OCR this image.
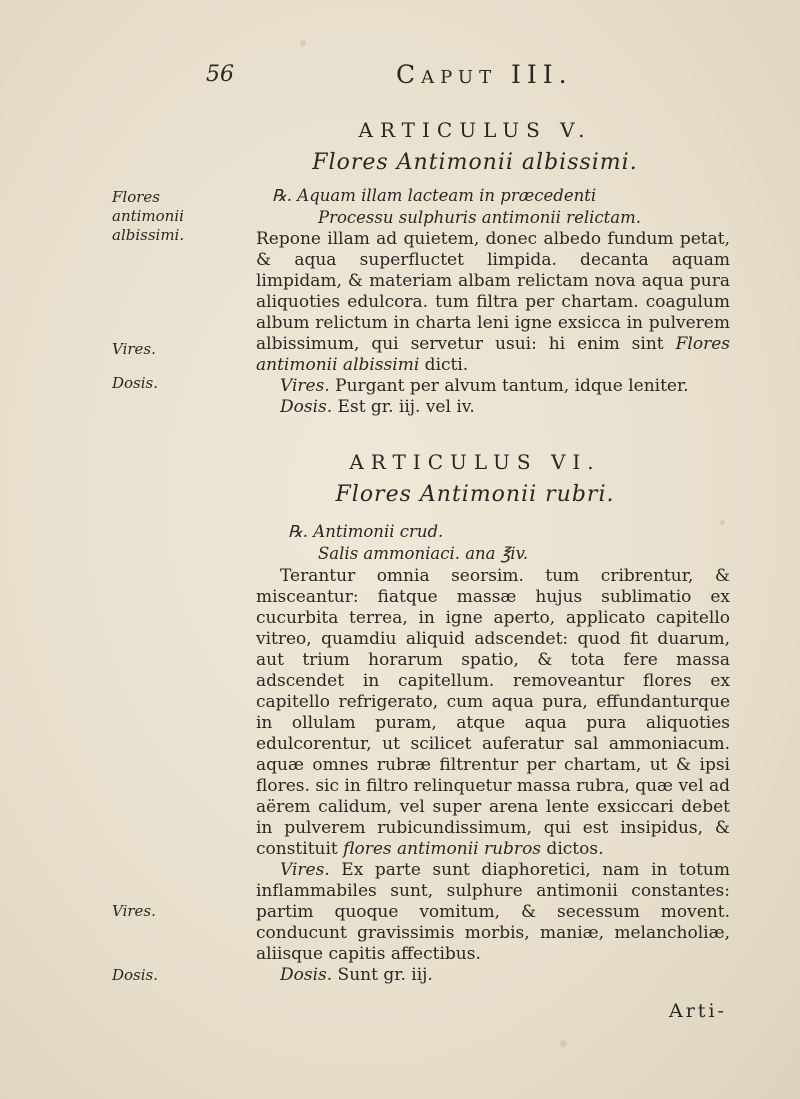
56	Caput III.
ARTICULUS V.
Flores Antimonii albissimi.
℞. Aquam illam lacteam in præcedenti
Processu sulphuris antimonii relictam.

Repone illam ad quietem, donec albedo fundum petat, & aqua superfluctet limpida. decanta aquam limpidam, & materiam albam relictam nova aqua pura aliquoties edulcora. tum filtra per chartam. coagulum album relictum in charta leni igne exsicca in pulverem albissimum, qui servetur usui: hi enim sint Flores antimonii albissimi dicti.

Vires. Purgant per alvum tantum, idque leniter.

Dosis. Est gr. iij. vel iv.

ARTICULUS VI.
Flores Antimonii rubri.
℞. Antimonii crud.
Salis ammoniaci. ana ℥iv.

Terantur omnia seorsim. tum cribrentur, & misceantur: fiatque massæ hujus sublimatio ex cucurbita terrea, in igne aperto, applicato capitello vitreo, quamdiu aliquid adscendet: quod fit duarum, aut trium horarum spatio, & tota fere massa adscendet in capitellum. removeantur flores ex capitello refrigerato, cum aqua pura, effundanturque in ollulam puram, atque aqua pura aliquoties edulcorentur, ut scilicet auferatur sal ammoniacum. aquæ omnes rubræ filtrentur per chartam, ut & ipsi flores. sic in filtro relinquetur massa rubra, quæ vel ad aërem calidum, vel super arena lente exsiccari debet in pulverem rubicundissimum, qui est insipidus, & constituit flores antimonii rubros dictos.

Vires. Ex parte sunt diaphoretici, nam in totum inflammabiles sunt, sulphure antimonii constantes: partim quoque vomitum, & secessum movent. conducunt gravissimis morbis, maniæ, melancholiæ, aliisque capitis affectibus.

Dosis. Sunt gr. iij.

Flores
antimonii
albissimi.
Vires.
Dosis.
Vires.
Dosis.
Arti-
